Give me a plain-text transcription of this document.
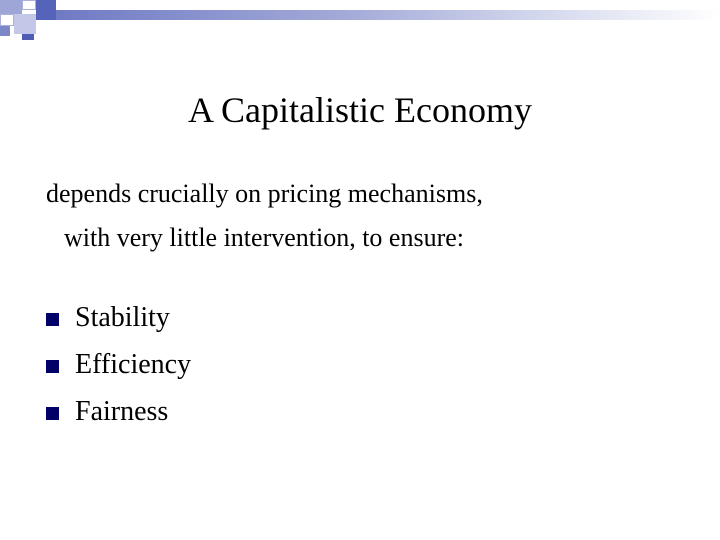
A Capitalistic Economy
depends crucially on pricing mechanisms,
with very little intervention, to ensure:
Stability
Efficiency
Fairness
